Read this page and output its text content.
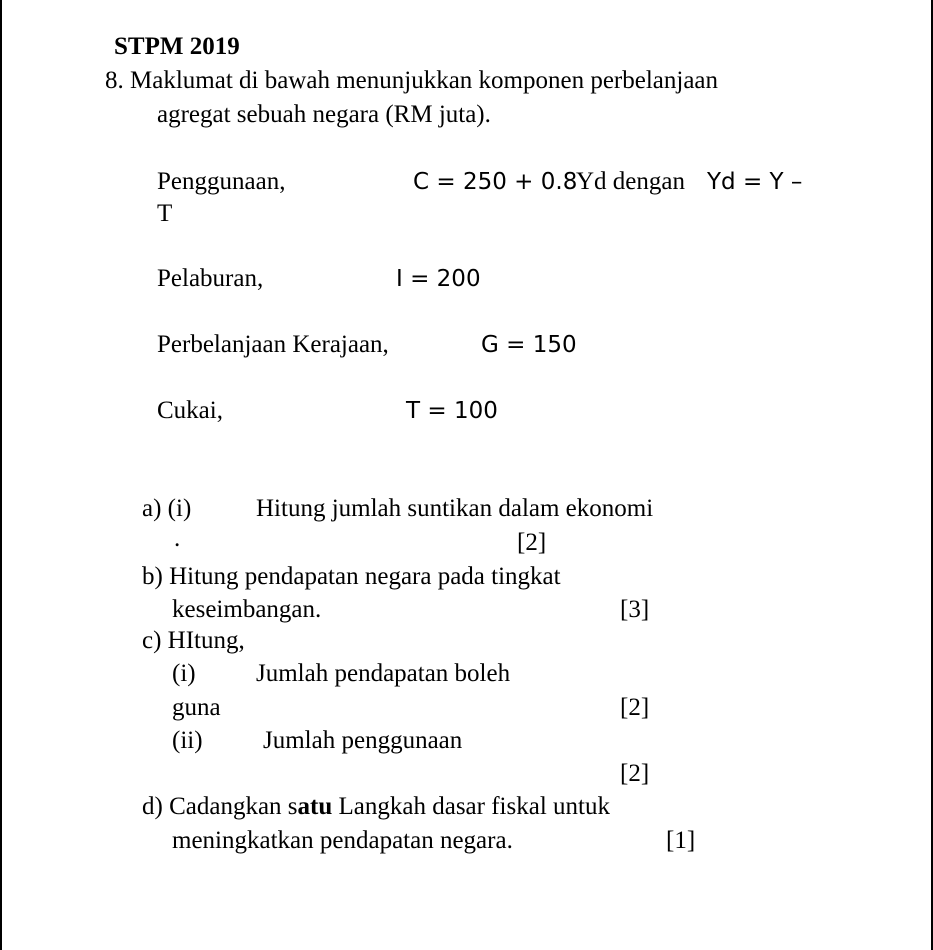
STPM 2019
8. Maklumat di bawah menunjukkan komponen perbelanjaan
agregat sebuah negara (RM juta).
Penggunaan,	C = 250 + 0.8
Yd dengan Yd = Y –
T
Pelaburan,	I = 200
Perbelanjaan Kerajaan,	G = 150
Cukai,	T = 100
a) (i)	Hitung jumlah suntikan dalam ekonomi
.	[2]
b) Hitung pendapatan negara pada tingkat
keseimbangan.	[3]
c) HItung,
(i) Jumlah pendapatan boleh
guna	[2]
(ii) Jumlah penggunaan
[2]
d) Cadangkan satu Langkah dasar fiskal untuk
meningkatkan pendapatan negara.	[1]
